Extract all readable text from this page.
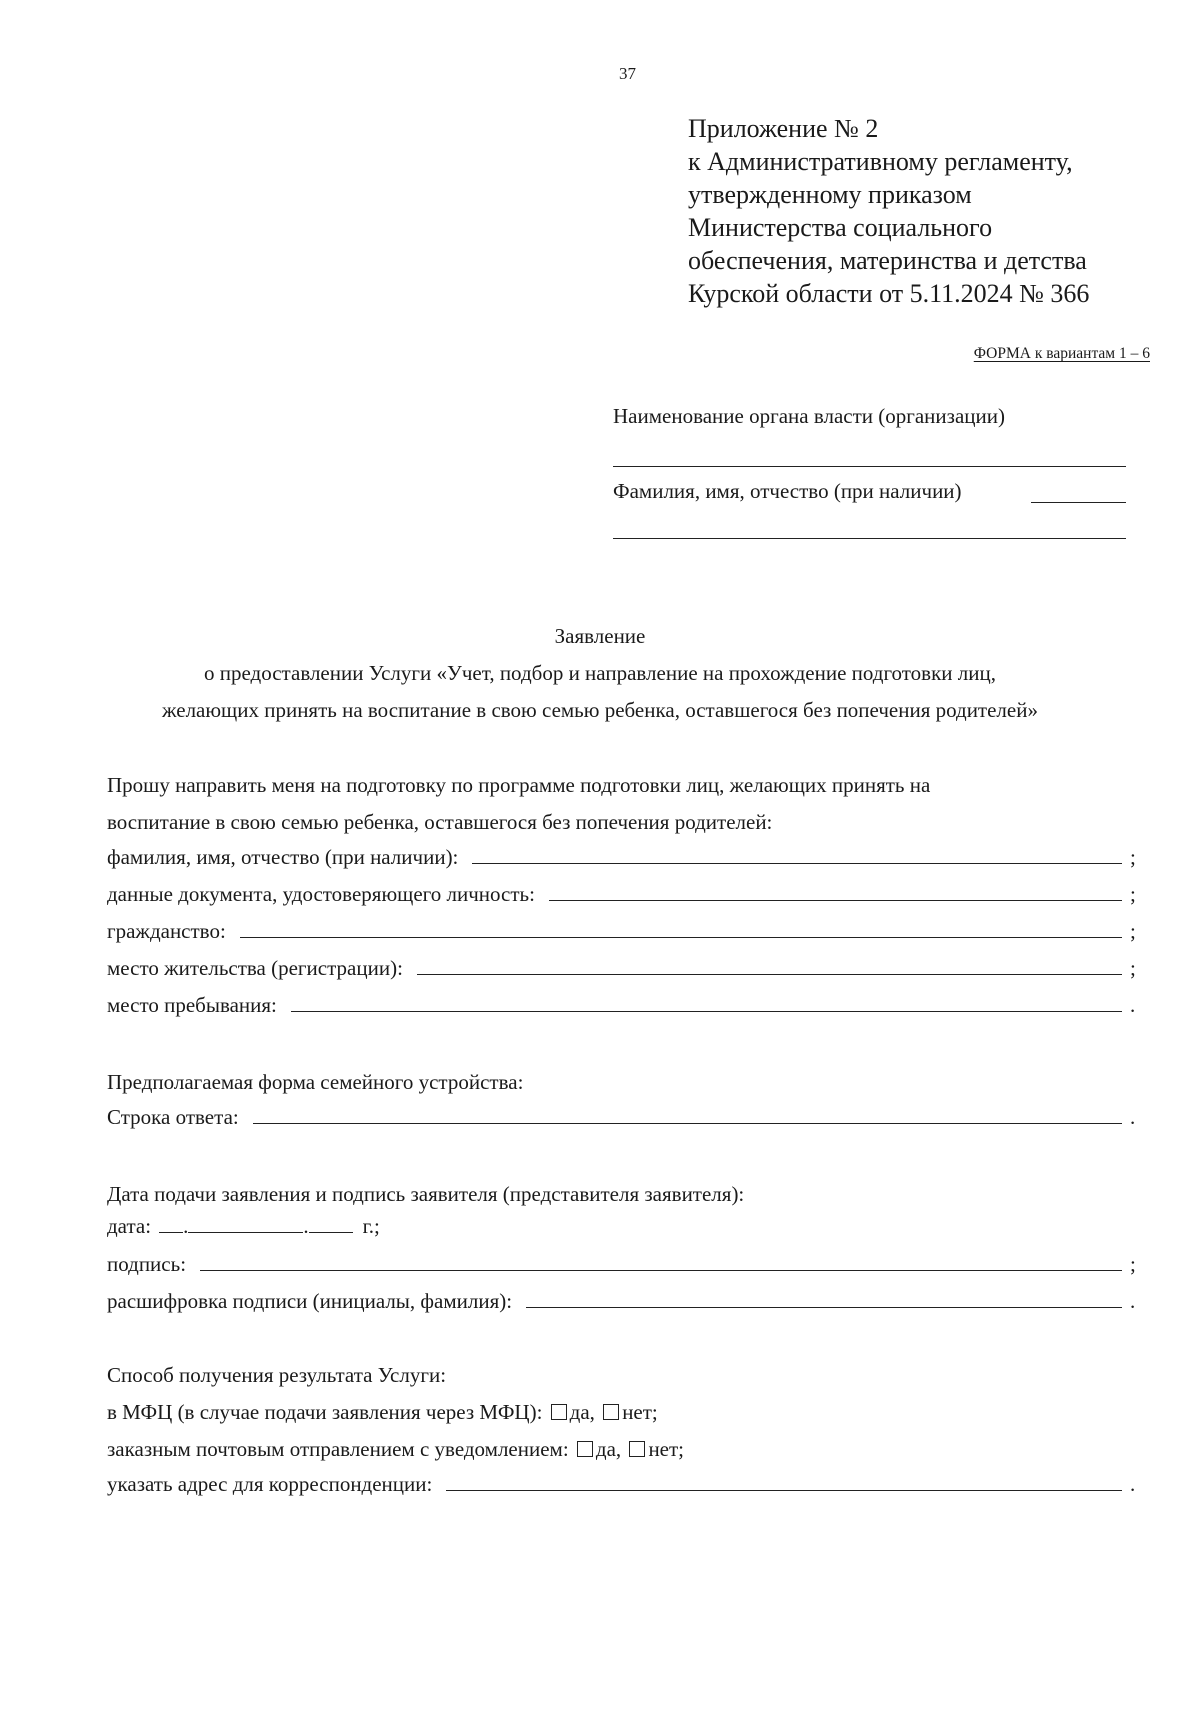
37
Приложение № 2
к Административному регламенту,
утвержденному приказом
Министерства социального
обеспечения, материнства и детства
Курской области от 5.11.2024 № 366
ФОРМА к вариантам 1 – 6
Наименование органа власти (организации)
Фамилия, имя, отчество (при наличии)
Заявление
о предоставлении Услуги «Учет, подбор и направление на прохождение подготовки лиц,
желающих принять на воспитание в свою семью ребенка, оставшегося без попечения родителей»
Прошу направить меня на подготовку по программе подготовки лиц, желающих принять на
воспитание в свою семью ребенка, оставшегося без попечения родителей:
фамилия, имя, отчество (при наличии):	;
данные документа, удостоверяющего личность:	;
гражданство:	;
место жительства (регистрации):	;
место пребывания:	.
Предполагаемая форма семейного устройства:
Строка ответа:	.
Дата подачи заявления и подпись заявителя (представителя заявителя):
дата: .	.	г.;
подпись:	;
расшифровка подписи (инициалы, фамилия):	.
Способ получения результата Услуги:
в МФЦ (в случае подачи заявления через МФЦ): да, нет;
заказным почтовым отправлением с уведомлением: да, нет;
указать адрес для корреспонденции:	.
